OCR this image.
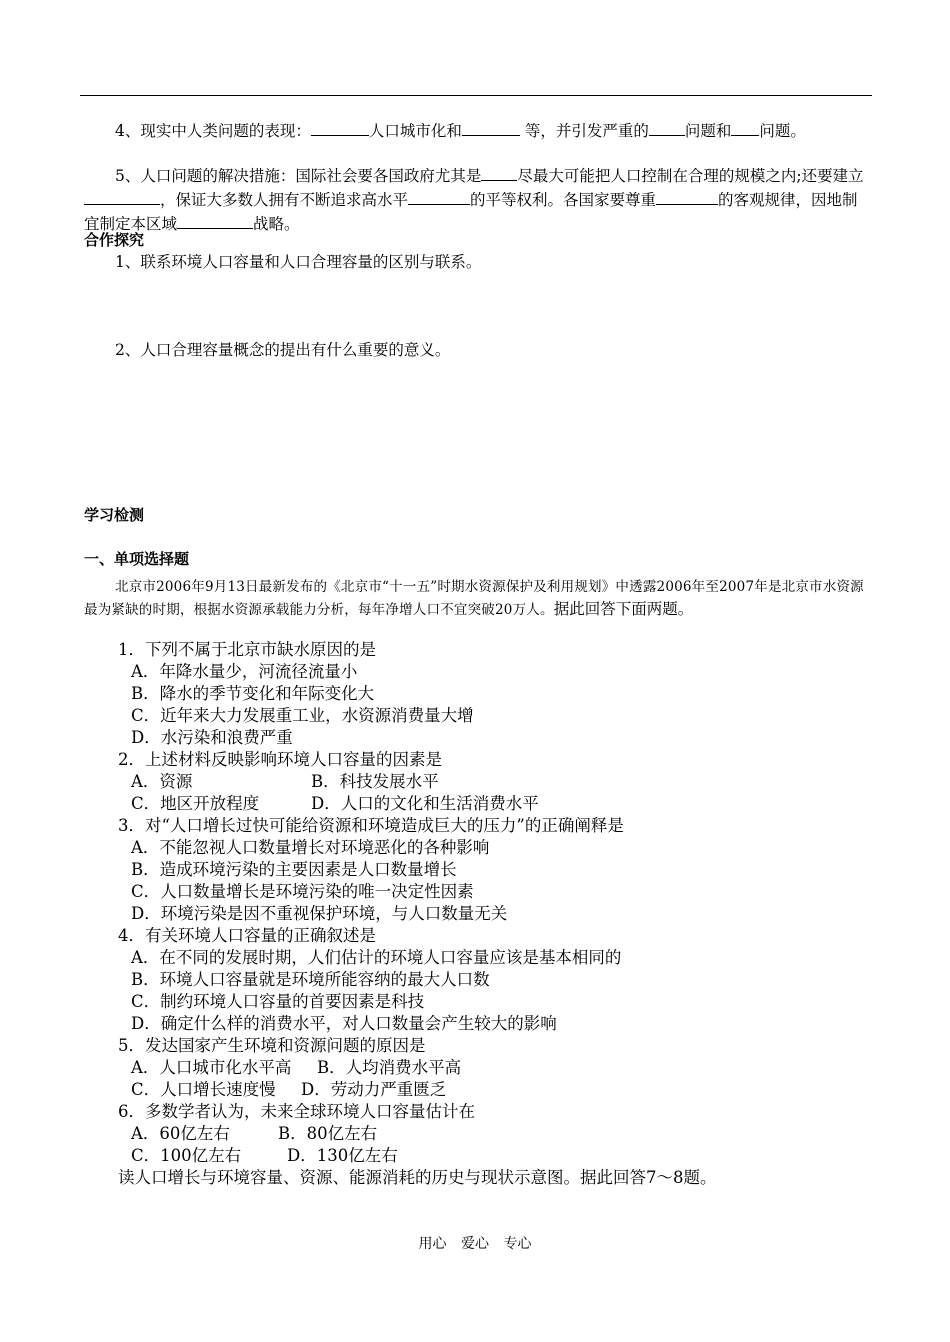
4、现实中人类问题的表现：	人口城市化和	等，并引发严重的 问题和 问题。
5、人口问题的解决措施：国际社会要各国政府尤其是 尽最大可能把人口控制在合理的规模之内;还要建立，保证大多数人拥有不断追求高水平	的平等权利。各国家要尊重	的客观规律，因地制宜制定本区域	战略。
合作探究
1、联系环境人口容量和人口合理容量的区别与联系。
2、人口合理容量概念的提出有什么重要的意义。
学习检测
一、单项选择题
北京市2006年9月13日最新发布的《北京市“十一五”时期水资源保护及利用规划》中透露2006年至2007年是北京市水资源最为紧缺的时期，根据水资源承载能力分析，每年净增人口不宜突破20万人。据此回答下面两题。
1．下列不属于北京市缺水原因的是
A．年降水量少，河流径流量小
B．降水的季节变化和年际变化大
C．近年来大力发展重工业，水资源消费量大增
D．水污染和浪费严重
2．上述材料反映影响环境人口容量的因素是
A．资源	B．科技发展水平
C．地区开放程度	D．人口的文化和生活消费水平
3．对“人口增长过快可能给资源和环境造成巨大的压力”的正确阐释是
A．不能忽视人口数量增长对环境恶化的各种影响
B．造成环境污染的主要因素是人口数量增长
C．人口数量增长是环境污染的唯一决定性因素
D．环境污染是因不重视保护环境，与人口数量无关
4．有关环境人口容量的正确叙述是
A．在不同的发展时期，人们估计的环境人口容量应该是基本相同的
B．环境人口容量就是环境所能容纳的最大人口数
C．制约环境人口容量的首要因素是科技
D．确定什么样的消费水平，对人口数量会产生较大的影响
5．发达国家产生环境和资源问题的原因是
A．人口城市化水平高 B．人均消费水平高
C．人口增长速度慢 D．劳动力严重匮乏
6．多数学者认为，未来全球环境人口容量估计在
A．60亿左右	B．80亿左右
C．100亿左右	D．130亿左右
读人口增长与环境容量、资源、能源消耗的历史与现状示意图。据此回答7～8题。
用心 爱心 专心
